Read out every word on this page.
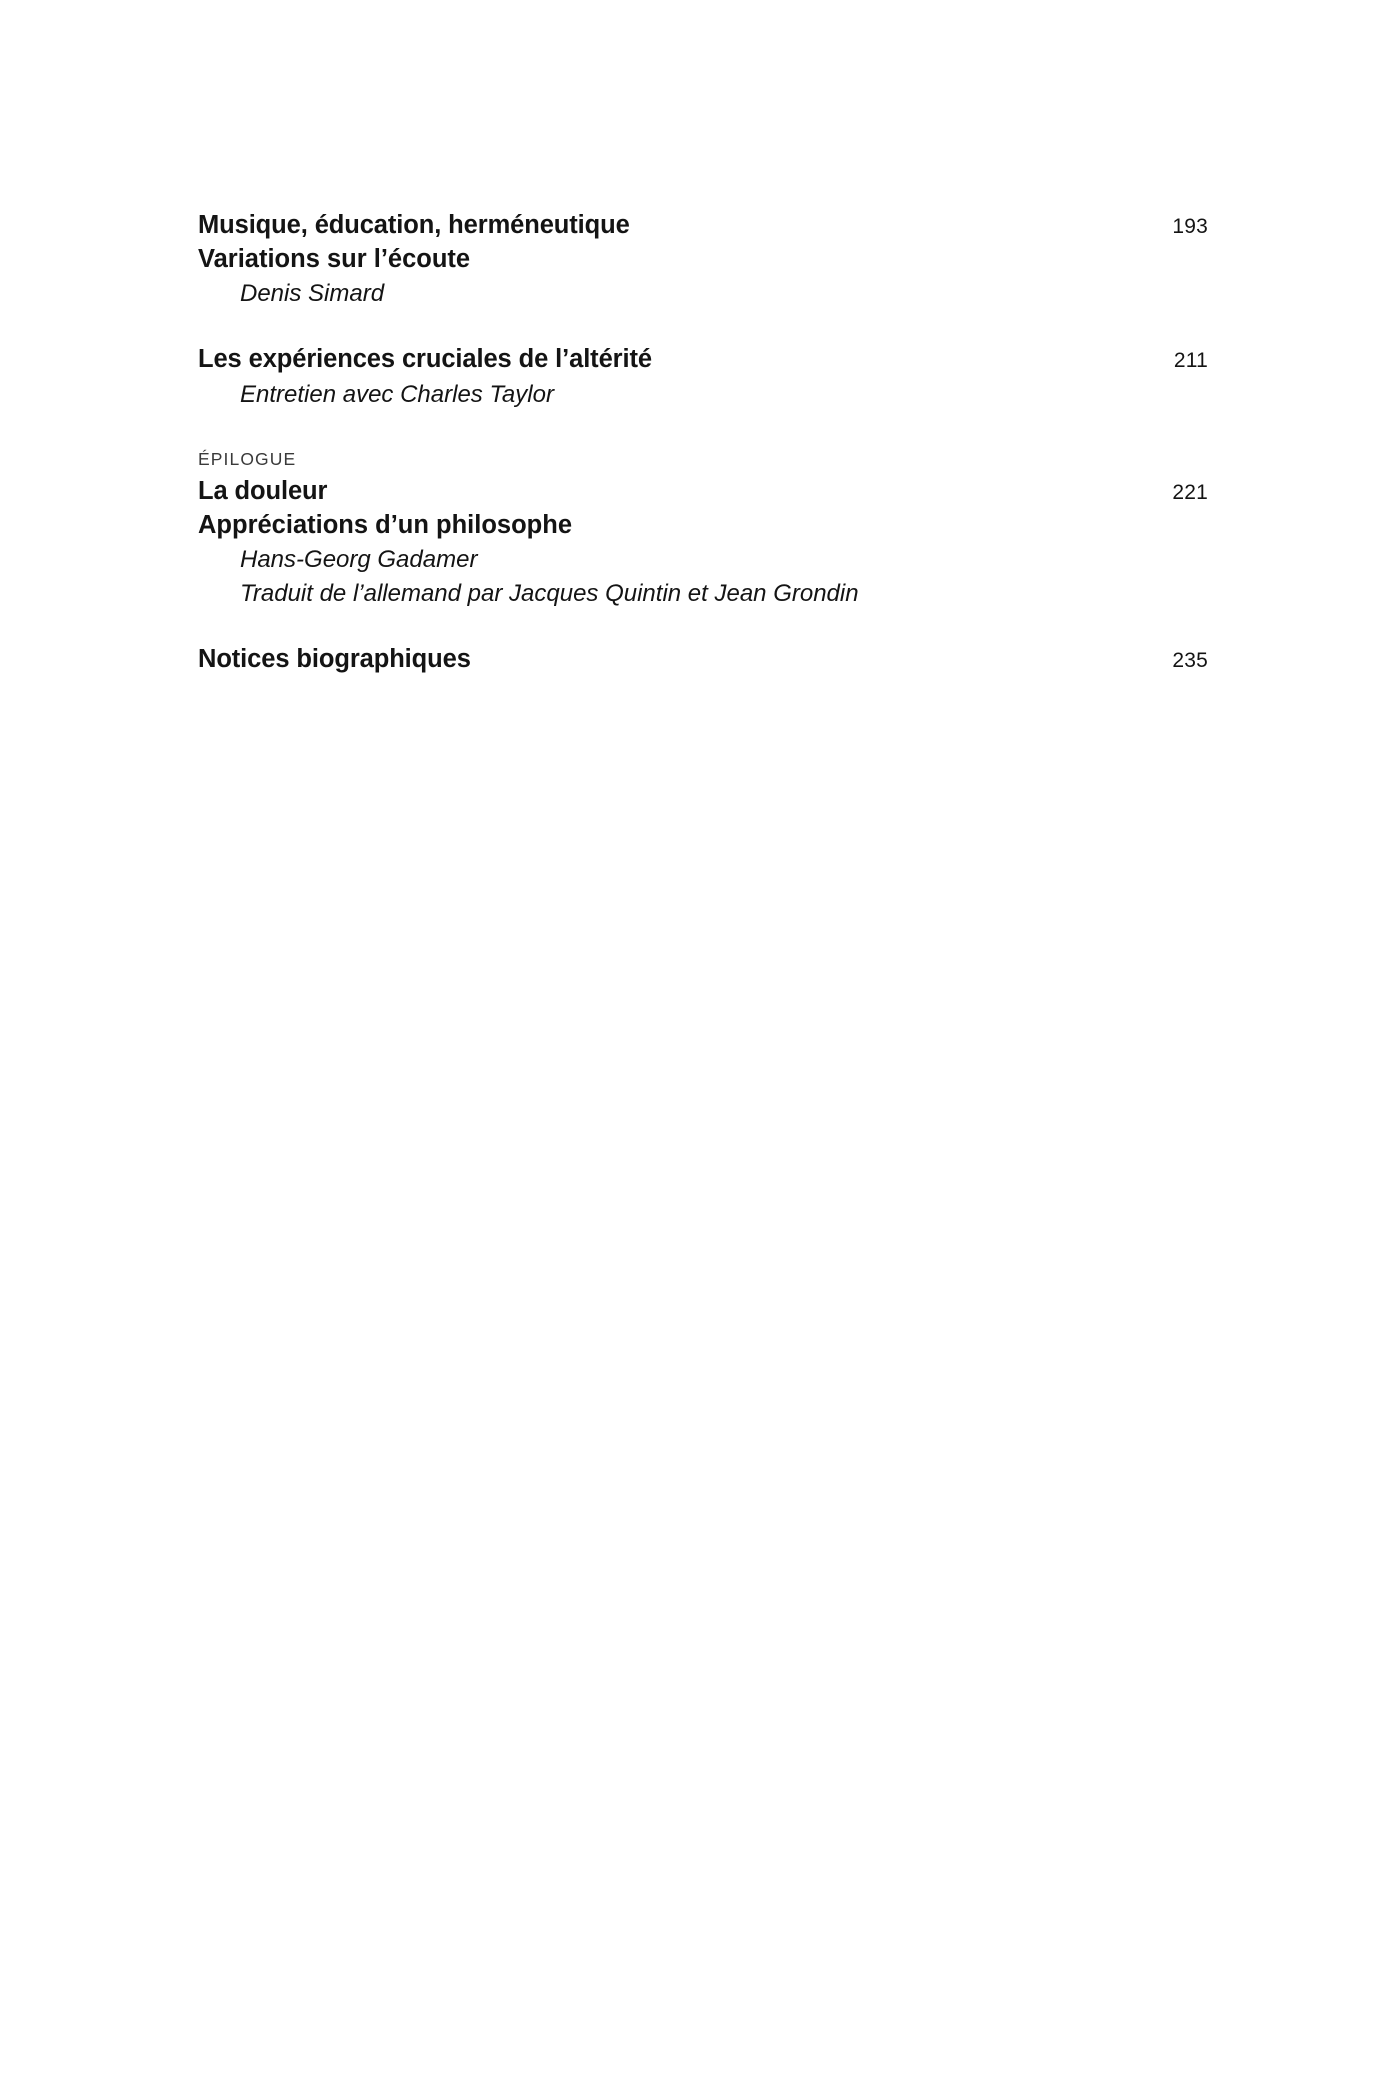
Musique, éducation, herméneutique	193
Variations sur l’écoute
Denis Simard
Les expériences cruciales de l’altérité	211
Entretien avec Charles Taylor
ÉPILOGUE
La douleur	221
Appréciations d’un philosophe
Hans-Georg Gadamer
Traduit de l’allemand par Jacques Quintin et Jean Grondin
Notices biographiques	235
